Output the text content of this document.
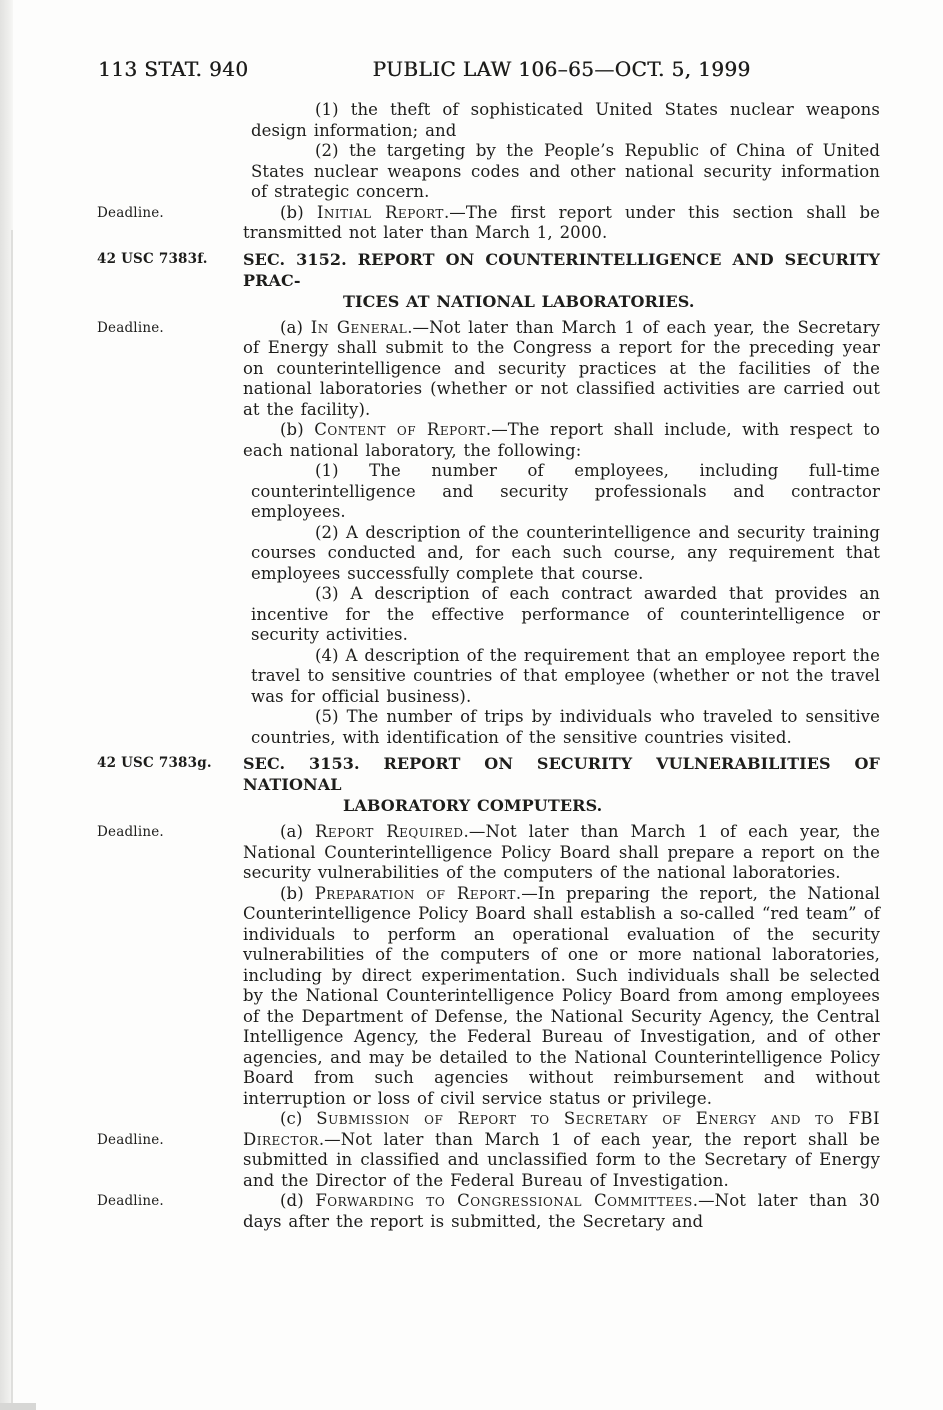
113 STAT. 940	PUBLIC LAW 106–65—OCT. 5, 1999
(1) the theft of sophisticated United States nuclear weapons design information; and
(2) the targeting by the People’s Republic of China of United States nuclear weapons codes and other national security information of strategic concern.
Deadline.	(b) Initial Report.—The first report under this section shall be transmitted not later than March 1, 2000.
42 USC 7383f.	SEC. 3152. REPORT ON COUNTERINTELLIGENCE AND SECURITY PRAC-
TICES AT NATIONAL LABORATORIES.
Deadline.	(a) In General.—Not later than March 1 of each year, the Secretary of Energy shall submit to the Congress a report for the preceding year on counterintelligence and security practices at the facilities of the national laboratories (whether or not classified activities are carried out at the facility).
(b) Content of Report.—The report shall include, with respect to each national laboratory, the following:
(1) The number of employees, including full-time counterintelligence and security professionals and contractor employees.
(2) A description of the counterintelligence and security training courses conducted and, for each such course, any requirement that employees successfully complete that course.
(3) A description of each contract awarded that provides an incentive for the effective performance of counterintelligence or security activities.
(4) A description of the requirement that an employee report the travel to sensitive countries of that employee (whether or not the travel was for official business).
(5) The number of trips by individuals who traveled to sensitive countries, with identification of the sensitive countries visited.
42 USC 7383g.	SEC. 3153. REPORT ON SECURITY VULNERABILITIES OF NATIONAL
LABORATORY COMPUTERS.
Deadline.	(a) Report Required.—Not later than March 1 of each year, the National Counterintelligence Policy Board shall prepare a report on the security vulnerabilities of the computers of the national laboratories.
(b) Preparation of Report.—In preparing the report, the National Counterintelligence Policy Board shall establish a so-called “red team” of individuals to perform an operational evaluation of the security vulnerabilities of the computers of one or more national laboratories, including by direct experimentation. Such individuals shall be selected by the National Counterintelligence Policy Board from among employees of the Department of Defense, the National Security Agency, the Central Intelligence Agency, the Federal Bureau of Investigation, and of other agencies, and may be detailed to the National Counterintelligence Policy Board from such agencies without reimbursement and without interruption or loss of civil service status or privilege.
Deadline.
(c) Submission of Report to Secretary of Energy and to FBI Director.—Not later than March 1 of each year, the report shall be submitted in classified and unclassified form to the Secretary of Energy and the Director of the Federal Bureau of Investigation.
Deadline.	(d) Forwarding to Congressional Committees.—Not later than 30 days after the report is submitted, the Secretary and
